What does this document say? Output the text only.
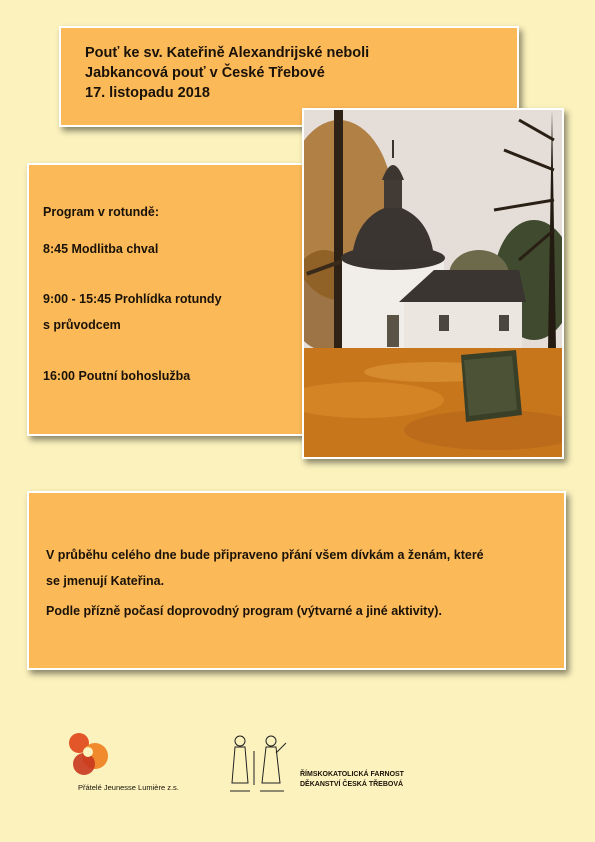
Pouť ke sv. Kateřině Alexandrijské neboli
Jabkancová pouť v České Třebové
17. listopadu 2018
Program v rotundě:
8:45 Modlitba chval
9:00 - 15:45 Prohlídka rotundy
s průvodcem
16:00 Poutní bohoslužba
V průběhu celého dne bude připraveno přání všem dívkám a ženám, které
se jmenují Kateřina.
Podle přízně počasí doprovodný program (výtvarné a jiné aktivity).
Přátelé Jeunesse Lumière z.s.
ŘÍMSKOKATOLICKÁ FARNOST
DĚKANSTVÍ ČESKÁ TŘEBOVÁ
